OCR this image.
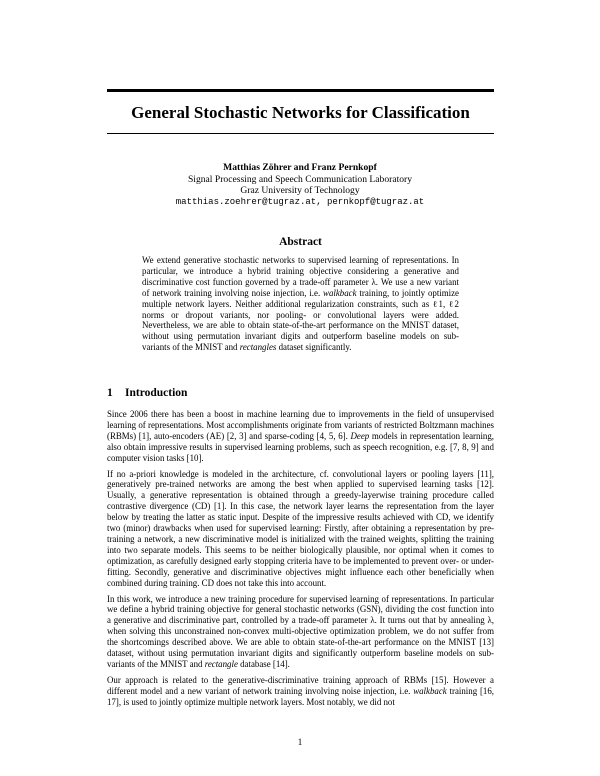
General Stochastic Networks for Classification
Matthias Zöhrer and Franz Pernkopf
Signal Processing and Speech Communication Laboratory
Graz University of Technology
matthias.zoehrer@tugraz.at, pernkopf@tugraz.at
Abstract
We extend generative stochastic networks to supervised learning of representations. In particular, we introduce a hybrid training objective considering a generative and discriminative cost function governed by a trade-off parameter λ. We use a new variant of network training involving noise injection, i.e. walkback training, to jointly optimize multiple network layers. Neither additional regularization constraints, such as ℓ1, ℓ2 norms or dropout variants, nor pooling- or convolutional layers were added. Nevertheless, we are able to obtain state-of-the-art performance on the MNIST dataset, without using permutation invariant digits and outperform baseline models on sub-variants of the MNIST and rectangles dataset significantly.
1 Introduction

Since 2006 there has been a boost in machine learning due to improvements in the field of unsupervised learning of representations. Most accomplishments originate from variants of restricted Boltzmann machines (RBMs) [1], auto-encoders (AE) [2, 3] and sparse-coding [4, 5, 6]. Deep models in representation learning, also obtain impressive results in supervised learning problems, such as speech recognition, e.g. [7, 8, 9] and computer vision tasks [10].

If no a-priori knowledge is modeled in the architecture, cf. convolutional layers or pooling layers [11], generatively pre-trained networks are among the best when applied to supervised learning tasks [12]. Usually, a generative representation is obtained through a greedy-layerwise training procedure called contrastive divergence (CD) [1]. In this case, the network layer learns the representation from the layer below by treating the latter as static input. Despite of the impressive results achieved with CD, we identify two (minor) drawbacks when used for supervised learning: Firstly, after obtaining a representation by pre-training a network, a new discriminative model is initialized with the trained weights, splitting the training into two separate models. This seems to be neither biologically plausible, nor optimal when it comes to optimization, as carefully designed early stopping criteria have to be implemented to prevent over- or under-fitting. Secondly, generative and discriminative objectives might influence each other beneficially when combined during training. CD does not take this into account.

In this work, we introduce a new training procedure for supervised learning of representations. In particular we define a hybrid training objective for general stochastic networks (GSN), dividing the cost function into a generative and discriminative part, controlled by a trade-off parameter λ. It turns out that by annealing λ, when solving this unconstrained non-convex multi-objective optimization problem, we do not suffer from the shortcomings described above. We are able to obtain state-of-the-art performance on the MNIST [13] dataset, without using permutation invariant digits and significantly outperform baseline models on sub-variants of the MNIST and rectangle database [14].

Our approach is related to the generative-discriminative training approach of RBMs [15]. However a different model and a new variant of network training involving noise injection, i.e. walkback training [16, 17], is used to jointly optimize multiple network layers. Most notably, we did not

1
